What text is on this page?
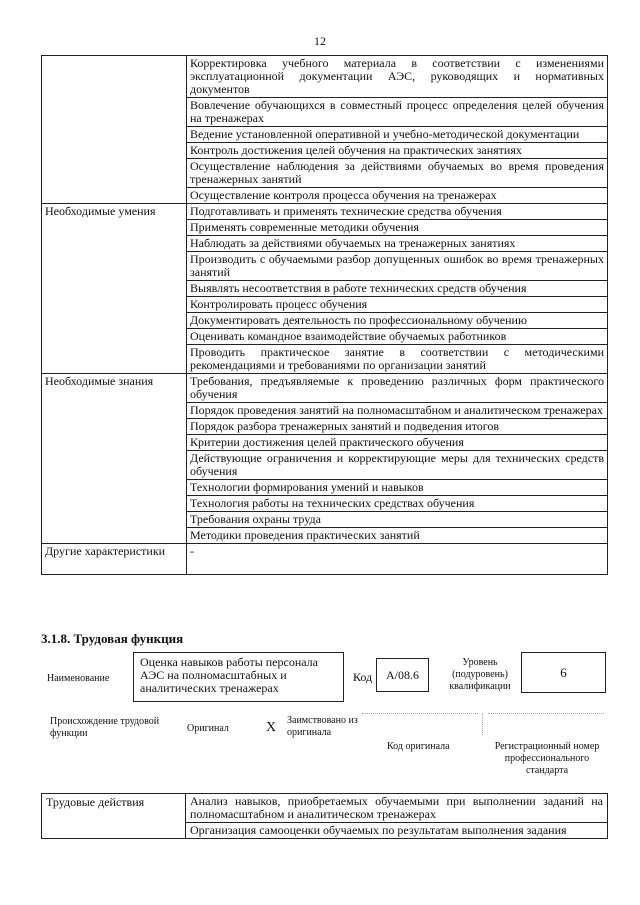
12
	Корректировка учебного материала в соответствии с изменениями эксплуатационной документации АЭС, руководящих и нормативных документов
	Вовлечение обучающихся в совместный процесс определения целей обучения на тренажерах
	Ведение установленной оперативной и учебно-методической документации
	Контроль достижения целей обучения на практических занятиях
	Осуществление наблюдения за действиями обучаемых во время проведения тренажерных занятий
	Осуществление контроля процесса обучения на тренажерах
Необходимые умения	Подготавливать и применять технические средства обучения
	Применять современные методики обучения
	Наблюдать за действиями обучаемых на тренажерных занятиях
	Производить с обучаемыми разбор допущенных ошибок во время тренажерных занятий
	Выявлять несоответствия в работе технических средств обучения
	Контролировать процесс обучения
	Документировать деятельность по профессиональному обучению
	Оценивать командное взаимодействие обучаемых работников
	Проводить практическое занятие в соответствии с методическими рекомендациями и требованиями по организации занятий
Необходимые знания	Требования, предъявляемые к проведению различных форм практического обучения
	Порядок проведения занятий на полномасштабном и аналитическом тренажерах
	Порядок разбора тренажерных занятий и подведения итогов
	Критерии достижения целей практического обучения
	Действующие ограничения и корректирующие меры для технических средств обучения
	Технологии формирования умений и навыков
	Технология работы на технических средствах обучения
	Требования охраны труда
	Методики проведения практических занятий
Другие характеристики	-
3.1.8. Трудовая функция
Наименование
Оценка навыков работы персонала АЭС на полномасштабных и аналитических тренажерах
Код	А/08.6
Уровень (подуровень) квалификации
6
Происхождение трудовой функции	Оригинал	Х Заимствовано из оригинала
Код оригинала	Регистрационный номер профессионального стандарта
Трудовые действия	Анализ навыков, приобретаемых обучаемыми при выполнении заданий на полномасштабном и аналитическом тренажерах
Организация самооценки обучаемых по результатам выполнения задания
